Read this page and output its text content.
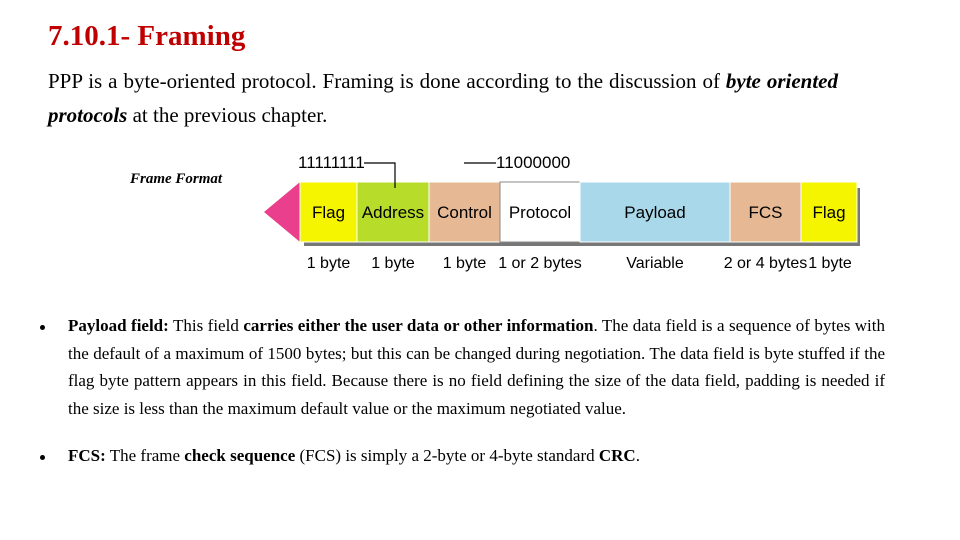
7.10.1- Framing

PPP is a byte-oriented protocol. Framing is done according to the discussion of byte oriented protocols at the previous chapter.

Frame Format
Flag
1 byte
Address
1 byte
Control
1 byte
Protocol
1 or 2 bytes
Payload
Variable
FCS
2 or 4 bytes
Flag
1 byte
11111111	11000000
Payload field: This field carries either the user data or other information. The data field is a sequence of bytes with the default of a maximum of 1500 bytes; but this can be changed during negotiation. The data field is byte stuffed if the flag byte pattern appears in this field. Because there is no field defining the size of the data field, padding is needed if the size is less than the maximum default value or the maximum negotiated value.
FCS: The frame check sequence (FCS) is simply a 2-byte or 4-byte standard CRC.
